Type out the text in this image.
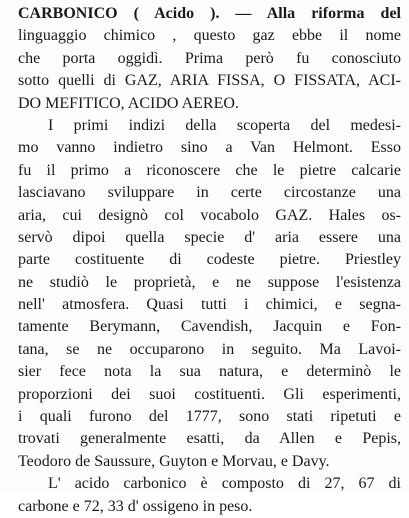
CARBONICO ( Acido ). — Alla riforma del
linguaggio chimico , questo gaz ebbe il nome
che porta oggidì. Prima però fu conosciuto
sotto quelli di GAZ, ARIA FISSA, O FISSATA, ACI-
DO MEFITICO, ACIDO AEREO.
I primi indizi della scoperta del medesi-
mo vanno indietro sino a Van Helmont. Esso
fu il primo a riconoscere che le pietre calcarie
lasciavano svilupparе in certe circostanze una
aria, cui designò col vocabolo GAZ. Hales os-
servò dipoi quella specie d' aria essere una
parte costituente di codeste pietre. Priestley
ne studiò le proprietà, e ne suppose l'esistenza
nell' atmosfera. Quasi tutti i chimici, e segna-
tamente Berymann, Cavendish, Jacquin e Fon-
tana, se ne occuparono in seguito. Ma Lavoi-
sier fece nota la sua natura, e determinò le
proporzioni dei suoi costituenti. Gli esperimenti,
i quali furono del 1777, sono stati ripetuti e
trovati generalmente esatti, da Allen e Pepis,
Teodoro de Saussure, Guyton e Morvau, e Davy.
L' acido carbonico è composto di 27, 67 di
carbone e 72, 33 d' ossigeno in peso.
